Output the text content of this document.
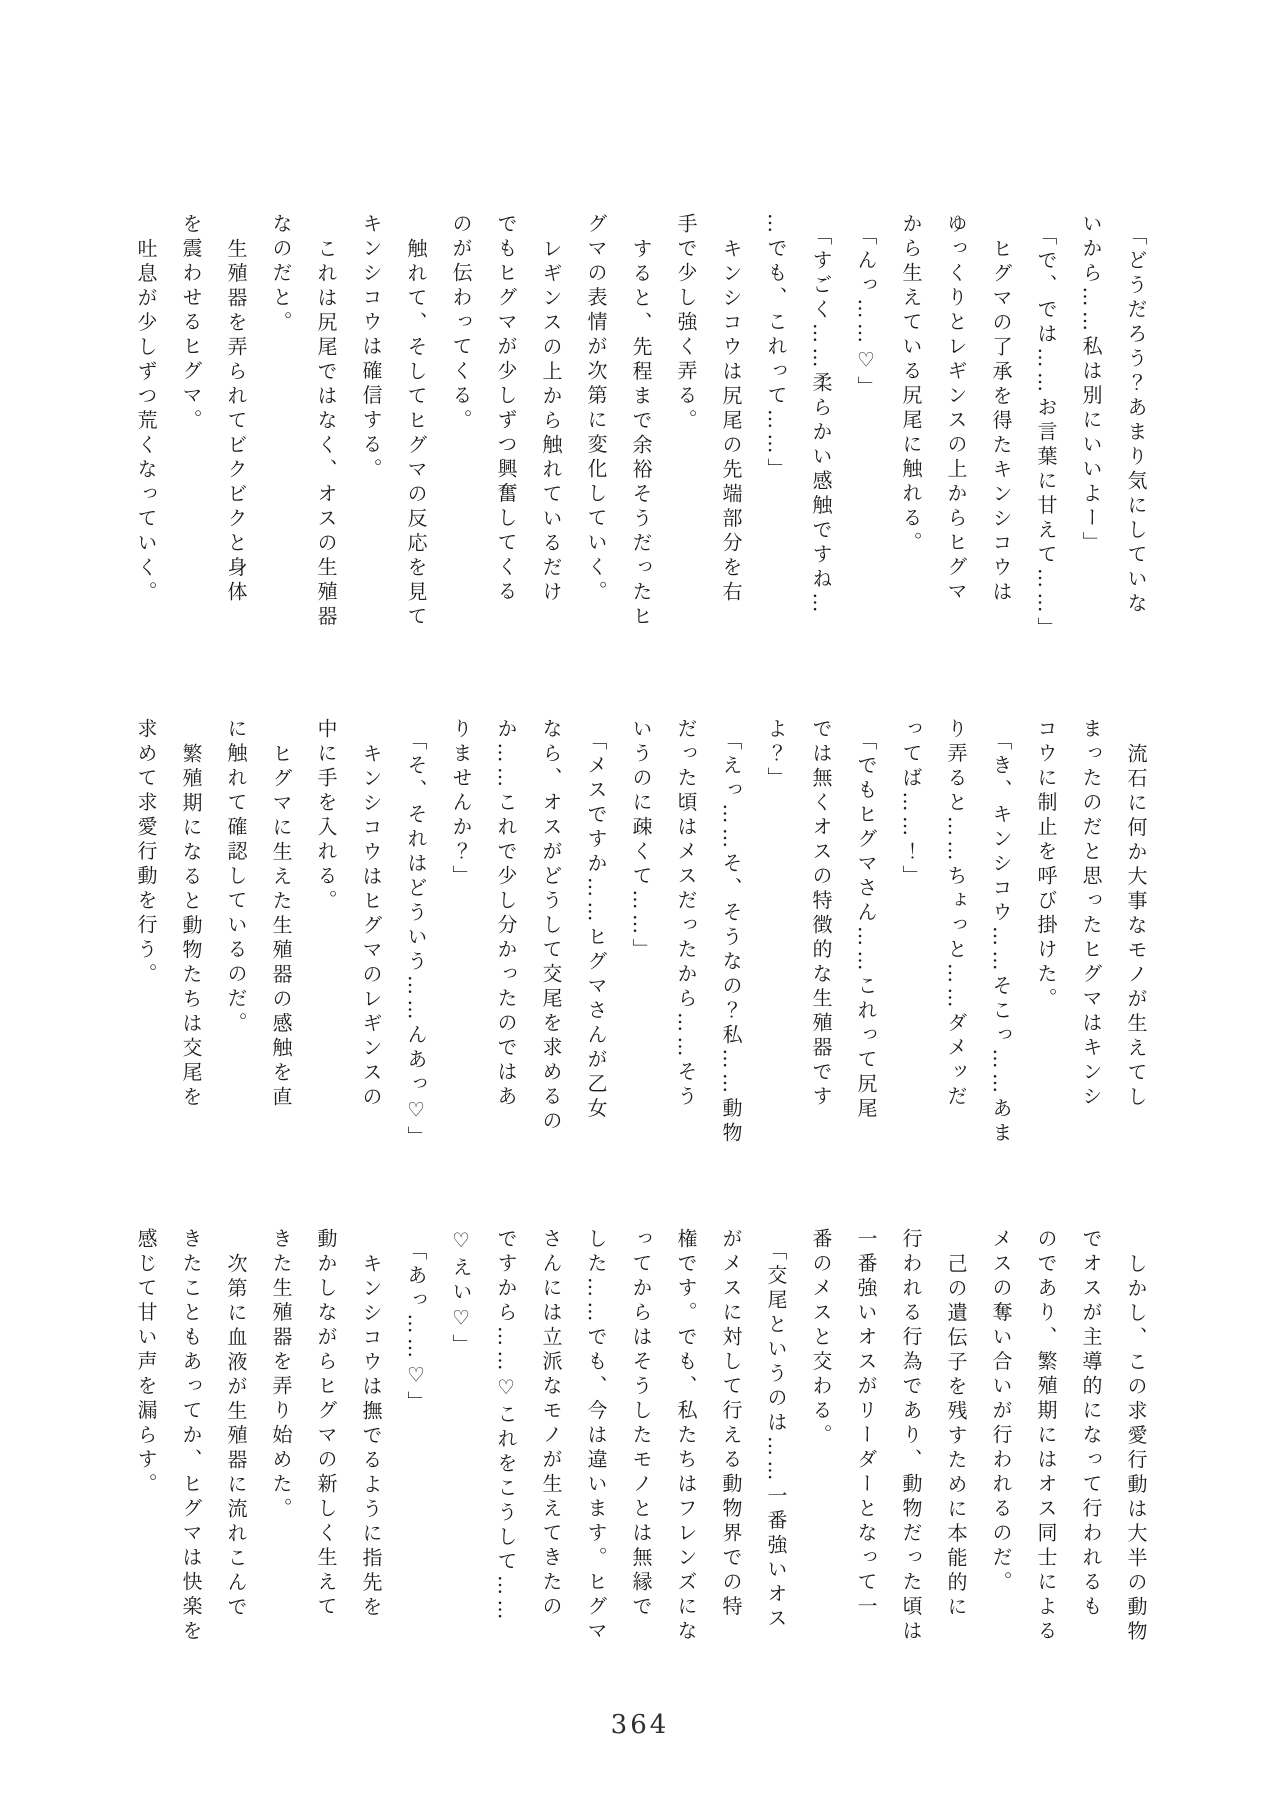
「どうだろう？あまり気にしていな

いから……私は別にいいよー」

「で、では……お言葉に甘えて……」

ヒグマの了承を得たキンシコウは

ゆっくりとレギンスの上からヒグマ

から生えている尻尾に触れる。

「んっ……♡」

「すごく……柔らかい感触ですね…

…でも、これって……」

キンシコウは尻尾の先端部分を右

手で少し強く弄る。

すると、先程まで余裕そうだったヒ

グマの表情が次第に変化していく。

レギンスの上から触れているだけ

でもヒグマが少しずつ興奮してくる

のが伝わってくる。

触れて、そしてヒグマの反応を見て

キンシコウは確信する。

これは尻尾ではなく、オスの生殖器

なのだと。

生殖器を弄られてビクビクと身体

を震わせるヒグマ。

吐息が少しずつ荒くなっていく。

流石に何か大事なモノが生えてし

まったのだと思ったヒグマはキンシ

コウに制止を呼び掛けた。

「き、キンシコウ……そこっ……あま

り弄ると……ちょっと……ダメッだ

ってば……！」

「でもヒグマさん……これって尻尾

では無くオスの特徴的な生殖器です

よ？」

「えっ……そ、そうなの？私……動物

だった頃はメスだったから……そう

いうのに疎くて……」

「メスですか……ヒグマさんが乙女

なら、オスがどうして交尾を求めるの

か……これで少し分かったのではあ

りませんか？」

「そ、それはどういう……んあっ♡」

キンシコウはヒグマのレギンスの

中に手を入れる。

ヒグマに生えた生殖器の感触を直

に触れて確認しているのだ。

繁殖期になると動物たちは交尾を

求めて求愛行動を行う。

しかし、この求愛行動は大半の動物

でオスが主導的になって行われるも

のであり、繁殖期にはオス同士による

メスの奪い合いが行われるのだ。

己の遺伝子を残すために本能的に

行われる行為であり、動物だった頃は

一番強いオスがリーダーとなって一

番のメスと交わる。

「交尾というのは……一番強いオス

がメスに対して行える動物界での特

権です。でも、私たちはフレンズにな

ってからはそうしたモノとは無縁で

した……でも、今は違います。ヒグマ

さんには立派なモノが生えてきたの

ですから……♡これをこうして……

♡えい♡」

「あっ……♡」

キンシコウは撫でるように指先を

動かしながらヒグマの新しく生えて

きた生殖器を弄り始めた。

次第に血液が生殖器に流れこんで

きたこともあってか、ヒグマは快楽を

感じて甘い声を漏らす。

364
